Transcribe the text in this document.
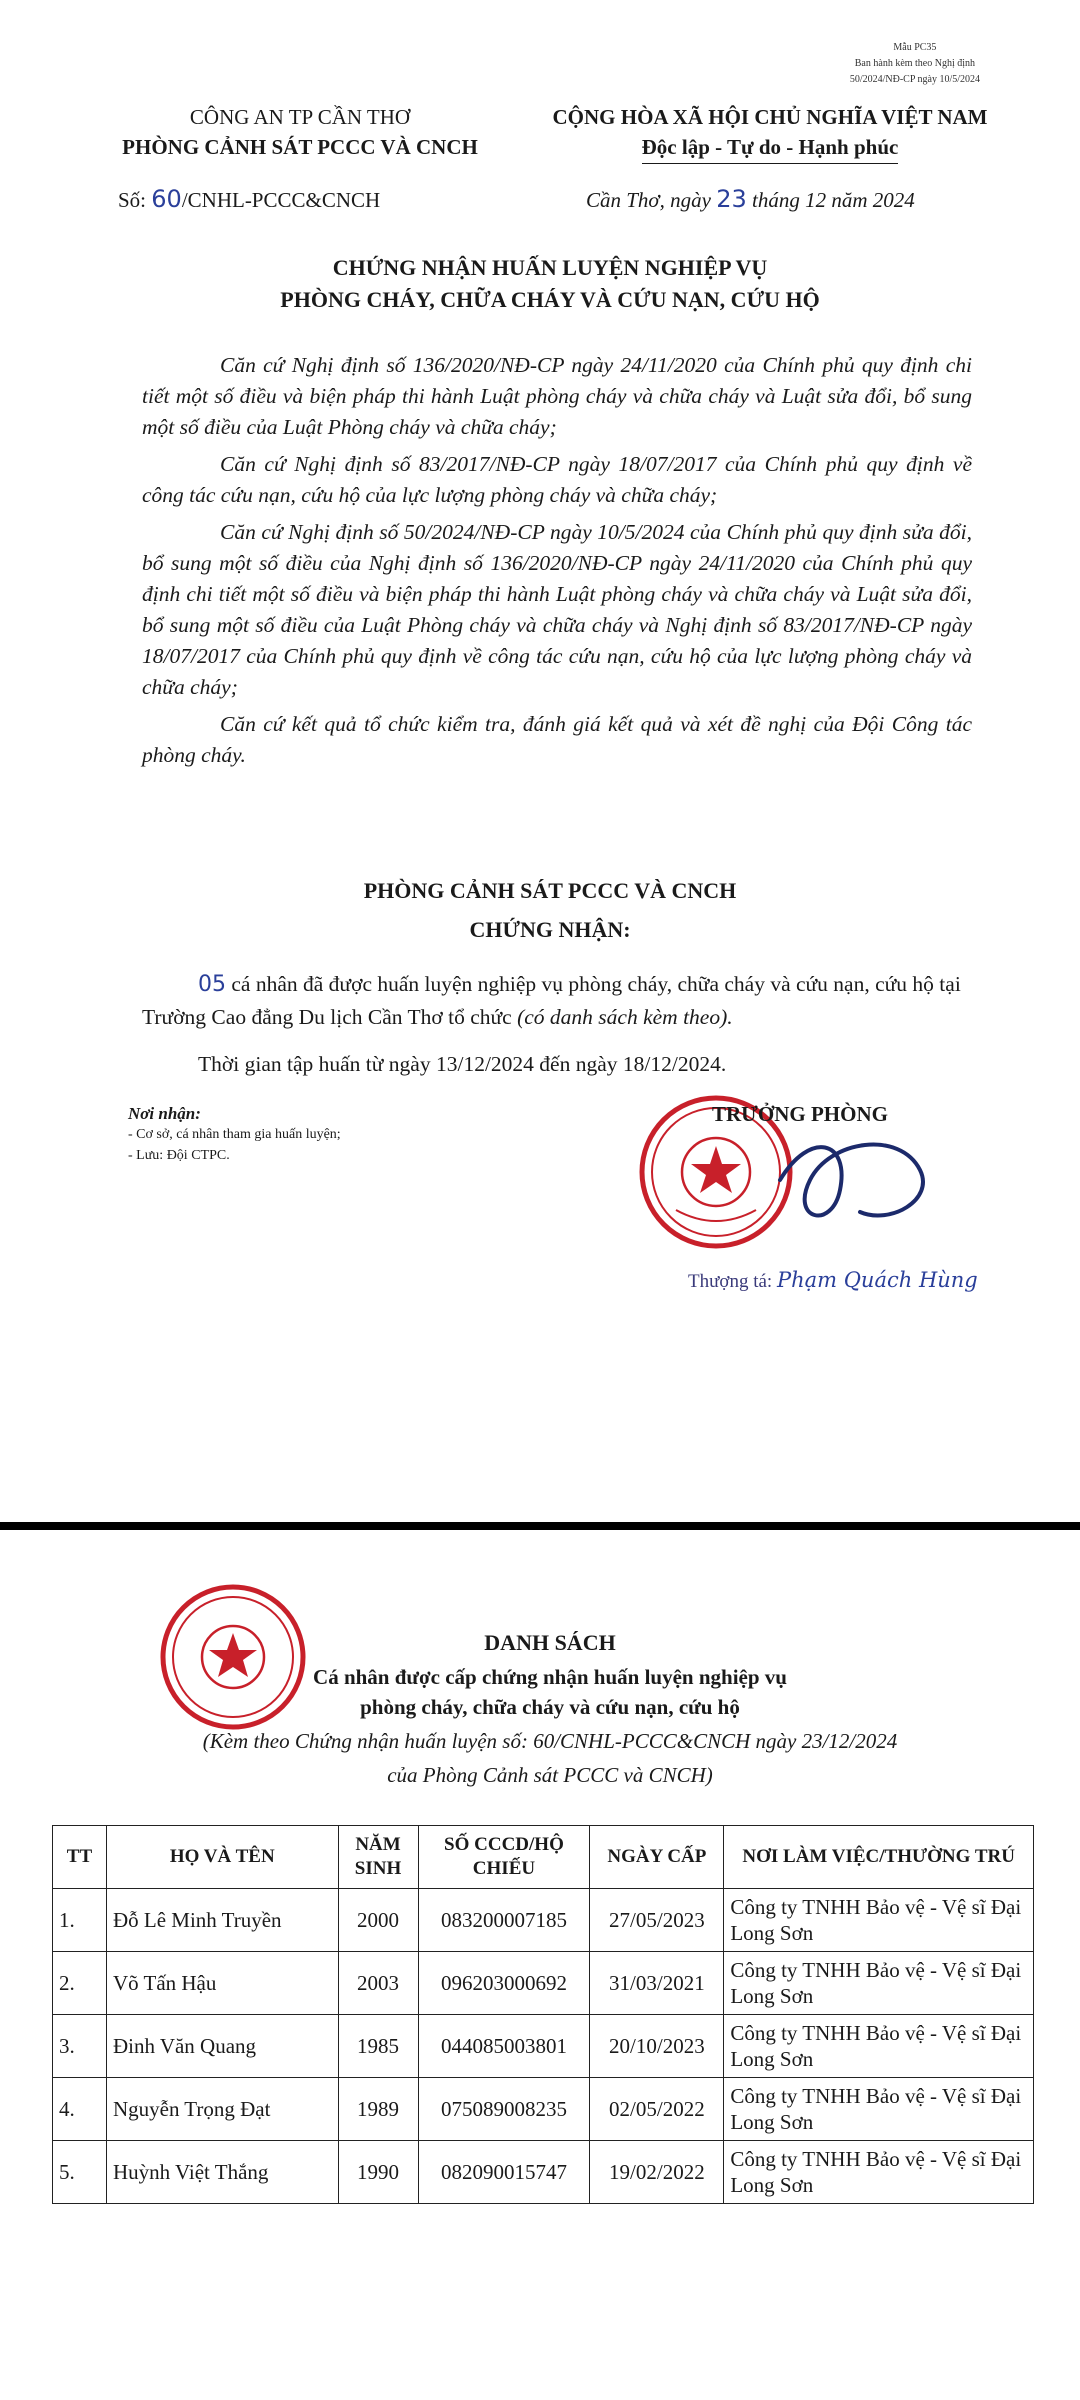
Mẫu PC35
Ban hành kèm theo Nghị định
50/2024/NĐ-CP ngày 10/5/2024
CÔNG AN TP CẦN THƠ
PHÒNG CẢNH SÁT PCCC VÀ CNCH
CỘNG HÒA XÃ HỘI CHỦ NGHĨA VIỆT NAM
Độc lập - Tự do - Hạnh phúc
Số: 60/CNHL-PCCC&CNCH	Cần Thơ, ngày 23 tháng 12 năm 2024
CHỨNG NHẬN HUẤN LUYỆN NGHIỆP VỤ
PHÒNG CHÁY, CHỮA CHÁY VÀ CỨU NẠN, CỨU HỘ

Căn cứ Nghị định số 136/2020/NĐ-CP ngày 24/11/2020 của Chính phủ quy định chi tiết một số điều và biện pháp thi hành Luật phòng cháy và chữa cháy và Luật sửa đổi, bổ sung một số điều của Luật Phòng cháy và chữa cháy;

Căn cứ Nghị định số 83/2017/NĐ-CP ngày 18/07/2017 của Chính phủ quy định về công tác cứu nạn, cứu hộ của lực lượng phòng cháy và chữa cháy;

Căn cứ Nghị định số 50/2024/NĐ-CP ngày 10/5/2024 của Chính phủ quy định sửa đổi, bổ sung một số điều của Nghị định số 136/2020/NĐ-CP ngày 24/11/2020 của Chính phủ quy định chi tiết một số điều và biện pháp thi hành Luật phòng cháy và chữa cháy và Luật sửa đổi, bổ sung một số điều của Luật Phòng cháy và chữa cháy và Nghị định số 83/2017/NĐ-CP ngày 18/07/2017 của Chính phủ quy định về công tác cứu nạn, cứu hộ của lực lượng phòng cháy và chữa cháy;

Căn cứ kết quả tổ chức kiểm tra, đánh giá kết quả và xét đề nghị của Đội Công tác phòng cháy.

PHÒNG CẢNH SÁT PCCC VÀ CNCH
CHỨNG NHẬN:
05 cá nhân đã được huấn luyện nghiệp vụ phòng cháy, chữa cháy và cứu nạn, cứu hộ tại Trường Cao đẳng Du lịch Cần Thơ tổ chức (có danh sách kèm theo).
Thời gian tập huấn từ ngày 13/12/2024 đến ngày 18/12/2024.
Nơi nhận:
- Cơ sở, cá nhân tham gia huấn luyện;
- Lưu: Đội CTPC.
TRƯỞNG PHÒNG
Thượng tá: Phạm Quách Hùng
DANH SÁCH
Cá nhân được cấp chứng nhận huấn luyện nghiệp vụ
phòng cháy, chữa cháy và cứu nạn, cứu hộ
(Kèm theo Chứng nhận huấn luyện số: 60/CNHL-PCCC&CNCH ngày 23/12/2024
của Phòng Cảnh sát PCCC và CNCH)
TT	HỌ VÀ TÊN	NĂM SINH	SỐ CCCD/HỘ CHIẾU	NGÀY CẤP	NƠI LÀM VIỆC/THƯỜNG TRÚ
1.	Đỗ Lê Minh Truyền	2000	083200007185	27/05/2023	Công ty TNHH Bảo vệ - Vệ sĩ Đại Long Sơn
2.	Võ Tấn Hậu	2003	096203000692	31/03/2021	Công ty TNHH Bảo vệ - Vệ sĩ Đại Long Sơn
3.	Đinh Văn Quang	1985	044085003801	20/10/2023	Công ty TNHH Bảo vệ - Vệ sĩ Đại Long Sơn
4.	Nguyễn Trọng Đạt	1989	075089008235	02/05/2022	Công ty TNHH Bảo vệ - Vệ sĩ Đại Long Sơn
5.	Huỳnh Việt Thắng	1990	082090015747	19/02/2022	Công ty TNHH Bảo vệ - Vệ sĩ Đại Long Sơn
